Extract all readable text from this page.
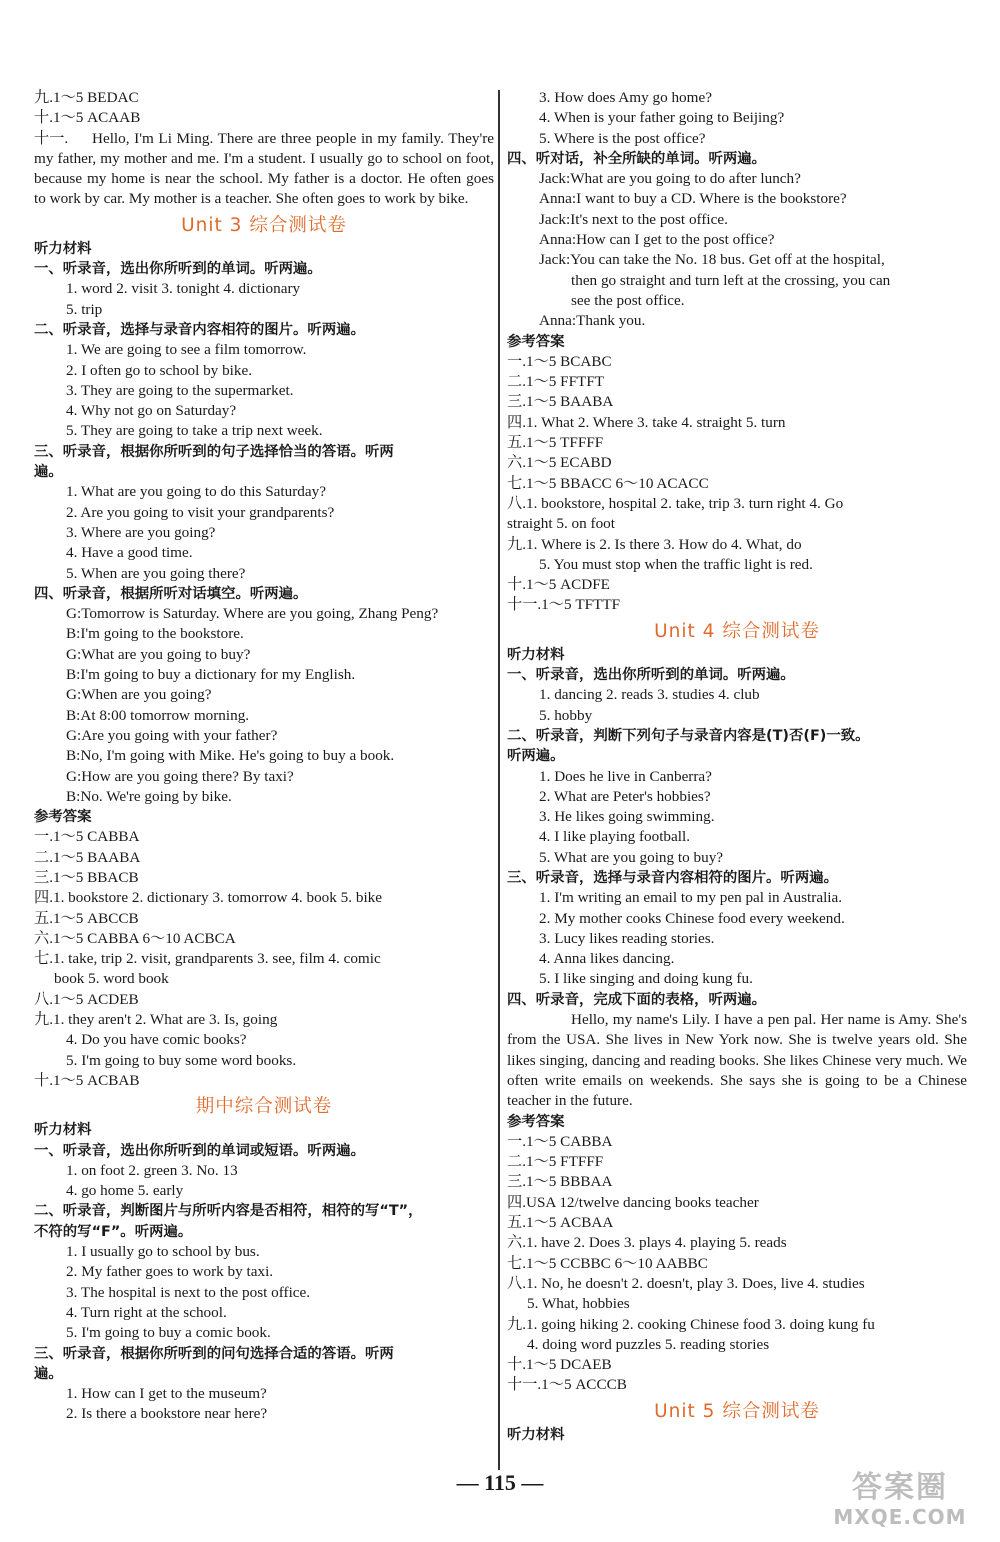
九.1～5 BEDAC
十.1～5 ACAAB
十一. Hello, I'm Li Ming. There are three people in my family. They're my father, my mother and me. I'm a student. I usually go to school on foot, because my home is near the school. My father is a doctor. He often goes to work by car. My mother is a teacher. She often goes to work by bike.
Unit 3 综合测试卷
听力材料
一、听录音，选出你所听到的单词。听两遍。
1. word 2. visit 3. tonight 4. dictionary
5. trip
二、听录音，选择与录音内容相符的图片。听两遍。
1. We are going to see a film tomorrow.
2. I often go to school by bike.
3. They are going to the supermarket.
4. Why not go on Saturday?
5. They are going to take a trip next week.
三、听录音，根据你所听到的句子选择恰当的答语。听两
遍。
1. What are you going to do this Saturday?
2. Are you going to visit your grandparents?
3. Where are you going?
4. Have a good time.
5. When are you going there?
四、听录音，根据所听对话填空。听两遍。
G:Tomorrow is Saturday. Where are you going, Zhang Peng?
B:I'm going to the bookstore.
G:What are you going to buy?
B:I'm going to buy a dictionary for my English.
G:When are you going?
B:At 8:00 tomorrow morning.
G:Are you going with your father?
B:No, I'm going with Mike. He's going to buy a book.
G:How are you going there? By taxi?
B:No. We're going by bike.
参考答案
一.1～5 CABBA
二.1～5 BAABA
三.1～5 BBACB
四.1. bookstore 2. dictionary 3. tomorrow 4. book 5. bike
五.1～5 ABCCB
六.1～5 CABBA 6～10 ACBCA
七.1. take, trip 2. visit, grandparents 3. see, film 4. comic
book 5. word book
八.1～5 ACDEB
九.1. they aren't 2. What are 3. Is, going
4. Do you have comic books?
5. I'm going to buy some word books.
十.1～5 ACBAB
期中综合测试卷
听力材料
一、听录音，选出你所听到的单词或短语。听两遍。
1. on foot 2. green 3. No. 13
4. go home 5. early
二、听录音，判断图片与所听内容是否相符，相符的写“T”，
不符的写“F”。听两遍。
1. I usually go to school by bus.
2. My father goes to work by taxi.
3. The hospital is next to the post office.
4. Turn right at the school.
5. I'm going to buy a comic book.
三、听录音，根据你所听到的问句选择合适的答语。听两
遍。
1. How can I get to the museum?
2. Is there a bookstore near here?
3. How does Amy go home?
4. When is your father going to Beijing?
5. Where is the post office?
四、听对话，补全所缺的单词。听两遍。
Jack:What are you going to do after lunch?
Anna:I want to buy a CD. Where is the bookstore?
Jack:It's next to the post office.
Anna:How can I get to the post office?
Jack:You can take the No. 18 bus. Get off at the hospital,
then go straight and turn left at the crossing, you can
see the post office.
Anna:Thank you.
参考答案
一.1～5 BCABC
二.1～5 FFTFT
三.1～5 BAABA
四.1. What 2. Where 3. take 4. straight 5. turn
五.1～5 TFFFF
六.1～5 ECABD
七.1～5 BBACC 6～10 ACACC
八.1. bookstore, hospital 2. take, trip 3. turn right 4. Go
straight 5. on foot
九.1. Where is 2. Is there 3. How do 4. What, do
5. You must stop when the traffic light is red.
十.1～5 ACDFE
十一.1～5 TFTTF
Unit 4 综合测试卷
听力材料
一、听录音，选出你所听到的单词。听两遍。
1. dancing 2. reads 3. studies 4. club
5. hobby
二、听录音，判断下列句子与录音内容是(T)否(F)一致。
听两遍。
1. Does he live in Canberra?
2. What are Peter's hobbies?
3. He likes going swimming.
4. I like playing football.
5. What are you going to buy?
三、听录音，选择与录音内容相符的图片。听两遍。
1. I'm writing an email to my pen pal in Australia.
2. My mother cooks Chinese food every weekend.
3. Lucy likes reading stories.
4. Anna likes dancing.
5. I like singing and doing kung fu.
四、听录音，完成下面的表格，听两遍。
Hello, my name's Lily. I have a pen pal. Her name is Amy. She's from the USA. She lives in New York now. She is twelve years old. She likes singing, dancing and reading books. She likes Chinese very much. We often write emails on weekends. She says she is going to be a Chinese teacher in the future.
参考答案
一.1～5 CABBA
二.1～5 FTFFF
三.1～5 BBBAA
四.USA 12/twelve dancing books teacher
五.1～5 ACBAA
六.1. have 2. Does 3. plays 4. playing 5. reads
七.1～5 CCBBC 6～10 AABBC
八.1. No, he doesn't 2. doesn't, play 3. Does, live 4. studies
5. What, hobbies
九.1. going hiking 2. cooking Chinese food 3. doing kung fu
4. doing word puzzles 5. reading stories
十.1～5 DCAEB
十一.1～5 ACCCB
Unit 5 综合测试卷
听力材料
— 115 —	答案圈
MXQE.COM
